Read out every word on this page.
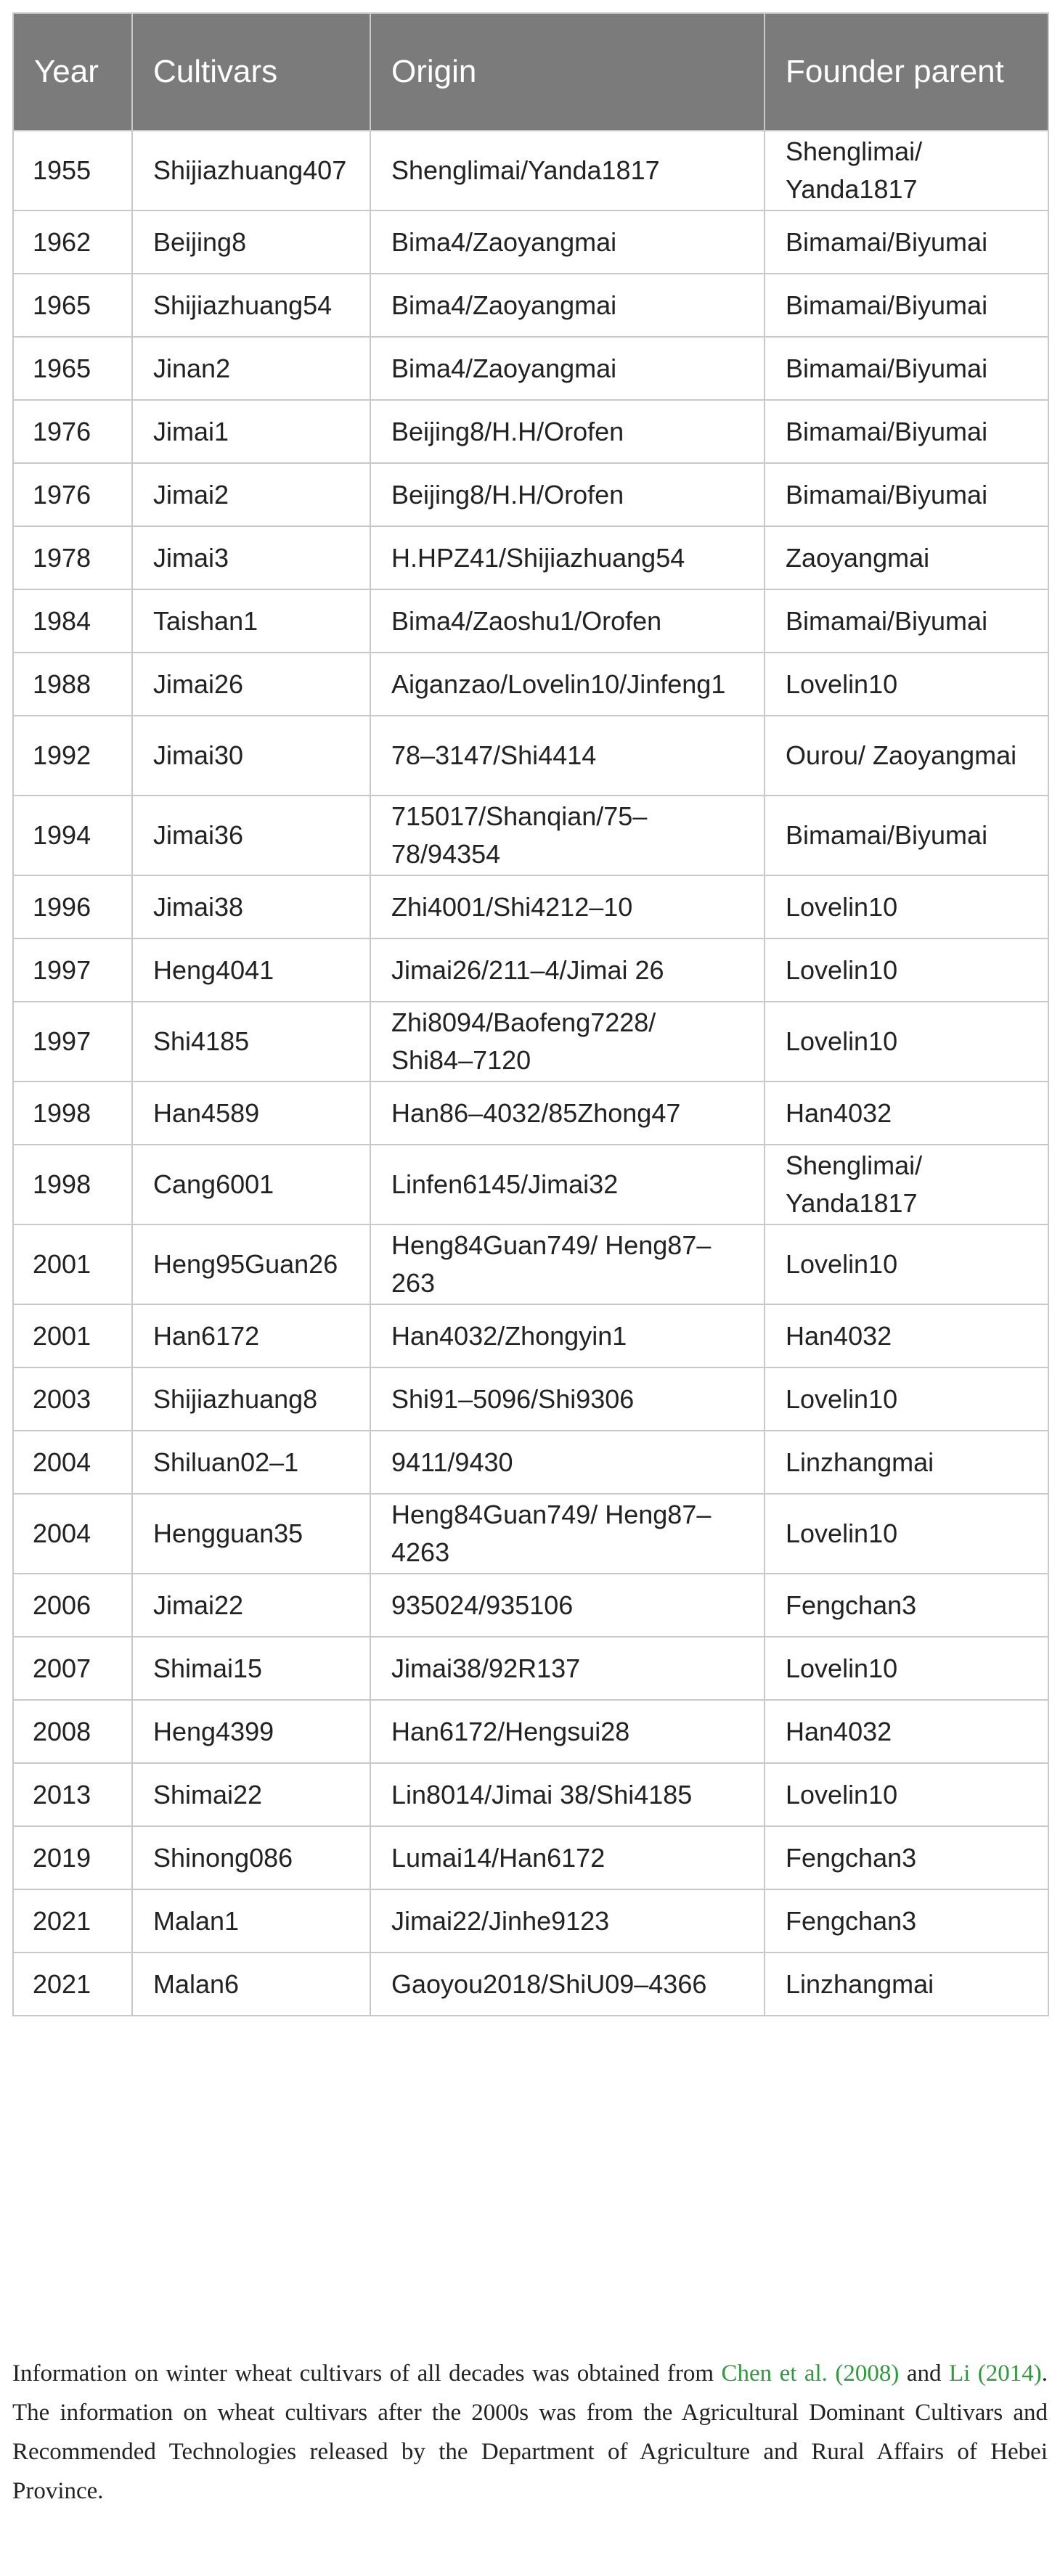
Year	Cultivars	Origin	Founder parent
1955	Shijiazhuang407	Shenglimai/Yanda1817	Shenglimai/ Yanda1817
1962	Beijing8	Bima4/Zaoyangmai	Bimamai/Biyumai
1965	Shijiazhuang54	Bima4/Zaoyangmai	Bimamai/Biyumai
1965	Jinan2	Bima4/Zaoyangmai	Bimamai/Biyumai
1976	Jimai1	Beijing8/H.H/Orofen	Bimamai/Biyumai
1976	Jimai2	Beijing8/H.H/Orofen	Bimamai/Biyumai
1978	Jimai3	H.HPZ41/Shijiazhuang54	Zaoyangmai
1984	Taishan1	Bima4/Zaoshu1/Orofen	Bimamai/Biyumai
1988	Jimai26	Aiganzao/Lovelin10/Jinfeng1	Lovelin10
1992	Jimai30	78–3147/Shi4414	Ourou/ Zaoyangmai
1994	Jimai36	715017/Shanqian/75– 78/94354	Bimamai/Biyumai
1996	Jimai38	Zhi4001/Shi4212–10	Lovelin10
1997	Heng4041	Jimai26/211–4/Jimai 26	Lovelin10
1997	Shi4185	Zhi8094/Baofeng7228/ Shi84–7120	Lovelin10
1998	Han4589	Han86–4032/85Zhong47	Han4032
1998	Cang6001	Linfen6145/Jimai32	Shenglimai/ Yanda1817
2001	Heng95Guan26	Heng84Guan749/ Heng87–263	Lovelin10
2001	Han6172	Han4032/Zhongyin1	Han4032
2003	Shijiazhuang8	Shi91–5096/Shi9306	Lovelin10
2004	Shiluan02–1	9411/9430	Linzhangmai
2004	Hengguan35	Heng84Guan749/ Heng87–4263	Lovelin10
2006	Jimai22	935024/935106	Fengchan3
2007	Shimai15	Jimai38/92R137	Lovelin10
2008	Heng4399	Han6172/Hengsui28	Han4032
2013	Shimai22	Lin8014/Jimai 38/Shi4185	Lovelin10
2019	Shinong086	Lumai14/Han6172	Fengchan3
2021	Malan1	Jimai22/Jinhe9123	Fengchan3
2021	Malan6	Gaoyou2018/ShiU09–4366	Linzhangmai
Information on winter wheat cultivars of all decades was obtained from Chen et al. (2008) and Li (2014). The information on wheat cultivars after the 2000s was from the Agricultural Dominant Cultivars and Recommended Technologies released by the Department of Agriculture and Rural Affairs of Hebei Province.
